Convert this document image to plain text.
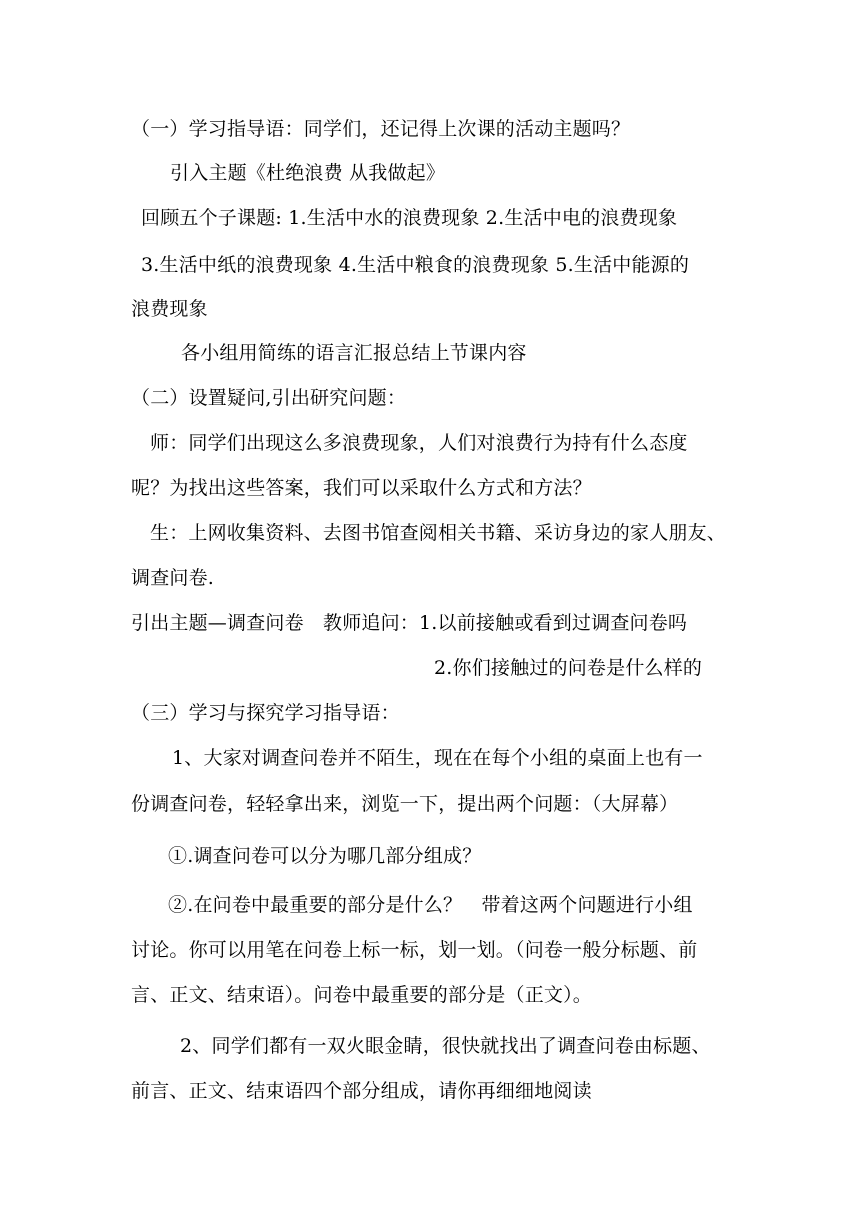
（一）学习指导语：同学们，还记得上次课的活动主题吗？
引入主题《杜绝浪费 从我做起》
回顾五个子课题: 1.生活中水的浪费现象 2.生活中电的浪费现象
3.生活中纸的浪费现象 4.生活中粮食的浪费现象 5.生活中能源的
浪费现象
各小组用简练的语言汇报总结上节课内容
（二）设置疑问,引出研究问题：
师：同学们出现这么多浪费现象，人们对浪费行为持有什么态度
呢？为找出这些答案，我们可以采取什么方式和方法？
生：上网收集资料、去图书馆查阅相关书籍、采访身边的家人朋友、
调查问卷.
引出主题—调查问卷　教师追问：1.以前接触或看到过调查问卷吗
2.你们接触过的问卷是什么样的
（三）学习与探究学习指导语：
1、大家对调查问卷并不陌生，现在在每个小组的桌面上也有一
份调查问卷，轻轻拿出来，浏览一下，提出两个问题：（大屏幕）
①.调查问卷可以分为哪几部分组成？
②.在问卷中最重要的部分是什么？　带着这两个问题进行小组
讨论。你可以用笔在问卷上标一标，划一划。（问卷一般分标题、前
言、正文、结束语）。问卷中最重要的部分是（正文）。
2、同学们都有一双火眼金睛，很快就找出了调查问卷由标题、
前言、正文、结束语四个部分组成，请你再细细地阅读
